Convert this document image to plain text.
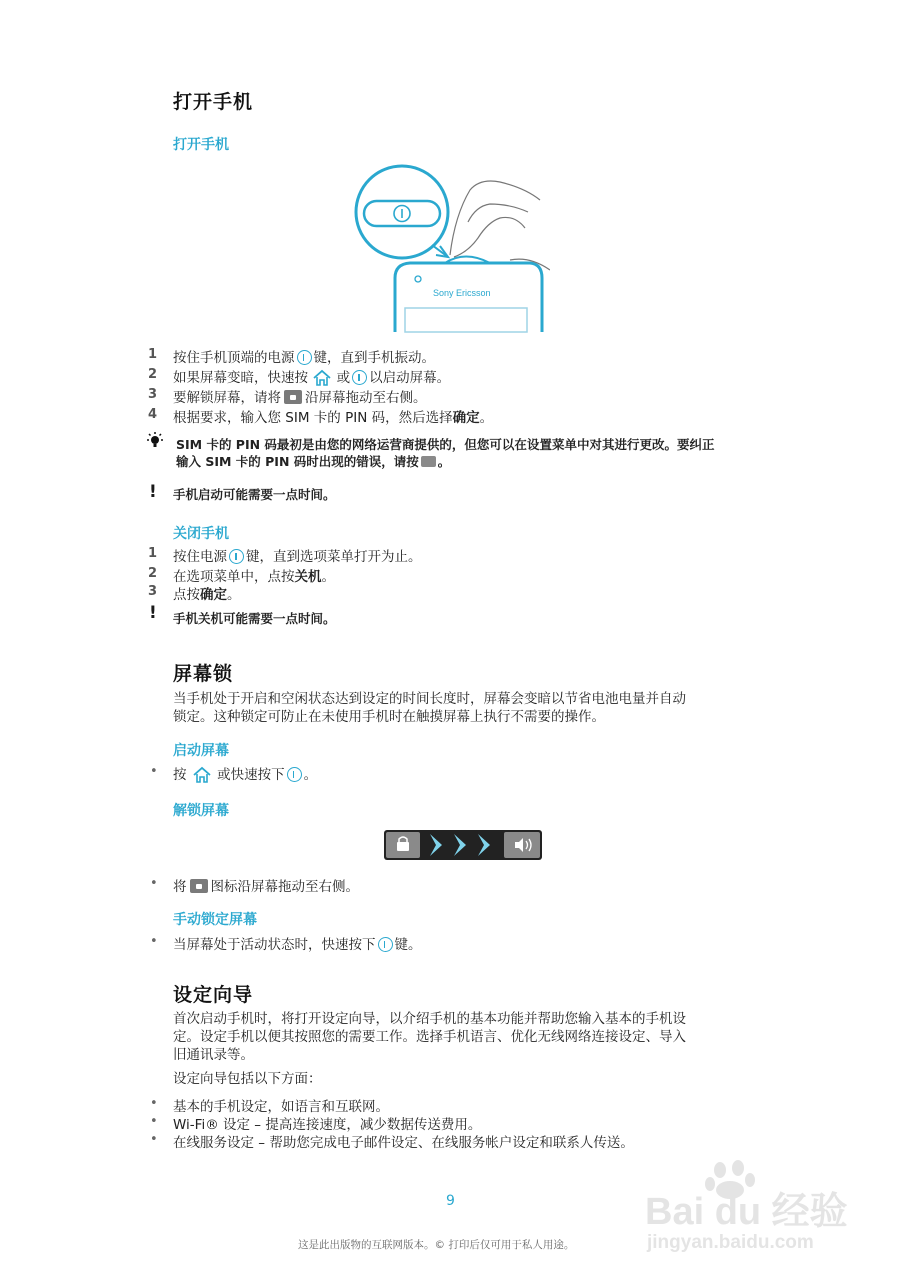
打开手机
打开手机
Sony Ericsson
1 按住手机顶端的电源 键，直到手机振动。
2 如果屏幕变暗，快速按 或 以启动屏幕。
3 要解锁屏幕，请将 沿屏幕拖动至右侧。
4 根据要求，输入您 SIM 卡的 PIN 码，然后选择确定。
SIM 卡的 PIN 码最初是由您的网络运营商提供的，但您可以在设置菜单中对其进行更改。要纠正
输入 SIM 卡的 PIN 码时出现的错误，请按 。
! 手机启动可能需要一点时间。
关闭手机
1 按住电源 键，直到选项菜单打开为止。
2 在选项菜单中，点按关机。
3 点按确定。
! 手机关机可能需要一点时间。
屏幕锁
当手机处于开启和空闲状态达到设定的时间长度时，屏幕会变暗以节省电池电量并自动
锁定。这种锁定可防止在未使用手机时在触摸屏幕上执行不需要的操作。
启动屏幕
• 按 或快速按下 。
解锁屏幕
• 将 图标沿屏幕拖动至右侧。
手动锁定屏幕
• 当屏幕处于活动状态时，快速按下 键。
设定向导
首次启动手机时，将打开设定向导，以介绍手机的基本功能并帮助您输入基本的手机设
定。设定手机以便其按照您的需要工作。选择手机语言、优化无线网络连接设定、导入
旧通讯录等。
设定向导包括以下方面：
• 基本的手机设定，如语言和互联网。
• Wi-Fi® 设定 – 提高连接速度，减少数据传送费用。
• 在线服务设定 – 帮助您完成电子邮件设定、在线服务帐户设定和联系人传送。
9
这是此出版物的互联网版本。© 打印后仅可用于私人用途。
Bai du 经验
jingyan.baidu.com
